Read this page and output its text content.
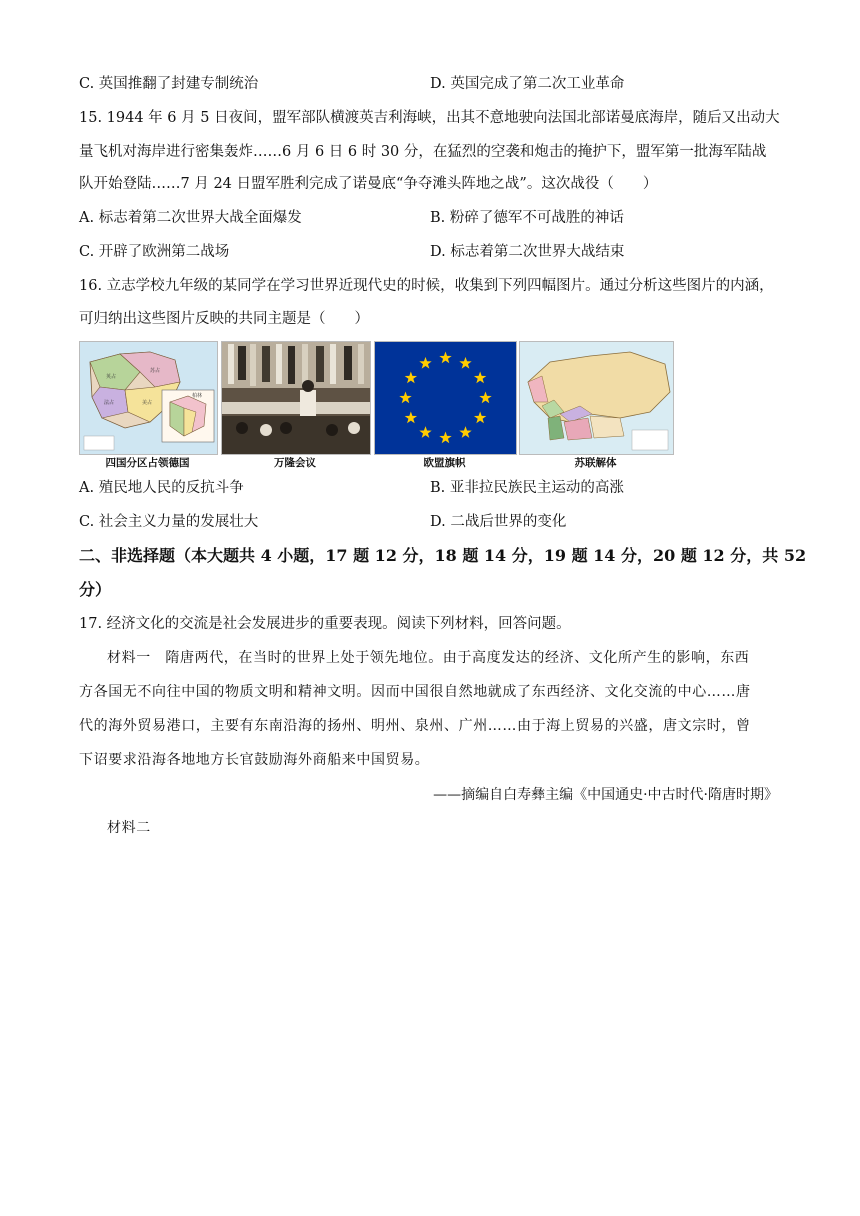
C. 英国推翻了封建专制统治	D. 英国完成了第二次工业革命
15. 1944 年 6 月 5 日夜间，盟军部队横渡英吉利海峡，出其不意地驶向法国北部诺曼底海岸，随后又出动大
量飞机对海岸进行密集轰炸……6 月 6 日 6 时 30 分，在猛烈的空袭和炮击的掩护下，盟军第一批海军陆战
队开始登陆……7 月 24 日盟军胜利完成了诺曼底“争夺滩头阵地之战”。这次战役（　　）
A. 标志着第二次世界大战全面爆发	B. 粉碎了德军不可战胜的神话
C. 开辟了欧洲第二战场	D. 标志着第二次世界大战结束
16. 立志学校九年级的某同学在学习世界近现代史的时候，收集到下列四幅图片。通过分析这些图片的内涵，
可归纳出这些图片反映的共同主题是（　　）
英占
苏占
法占	美占
柏林
四国分区占领德国	万隆会议	欧盟旗帜	苏联解体
A. 殖民地人民的反抗斗争	B. 亚非拉民族民主运动的高涨
C. 社会主义力量的发展壮大	D. 二战后世界的变化
二、非选择题（本大题共 4 小题，17 题 12 分，18 题 14 分，19 题 14 分，20 题 12 分，共 52
分）
17. 经济文化的交流是社会发展进步的重要表现。阅读下列材料，回答问题。
材料一　隋唐两代，在当时的世界上处于领先地位。由于高度发达的经济、文化所产生的影响，东西
方各国无不向往中国的物质文明和精神文明。因而中国很自然地就成了东西经济、文化交流的中心……唐
代的海外贸易港口，主要有东南沿海的扬州、明州、泉州、广州……由于海上贸易的兴盛，唐文宗时，曾
下诏要求沿海各地地方长官鼓励海外商船来中国贸易。
——摘编自白寿彝主编《中国通史·中古时代·隋唐时期》
材料二
